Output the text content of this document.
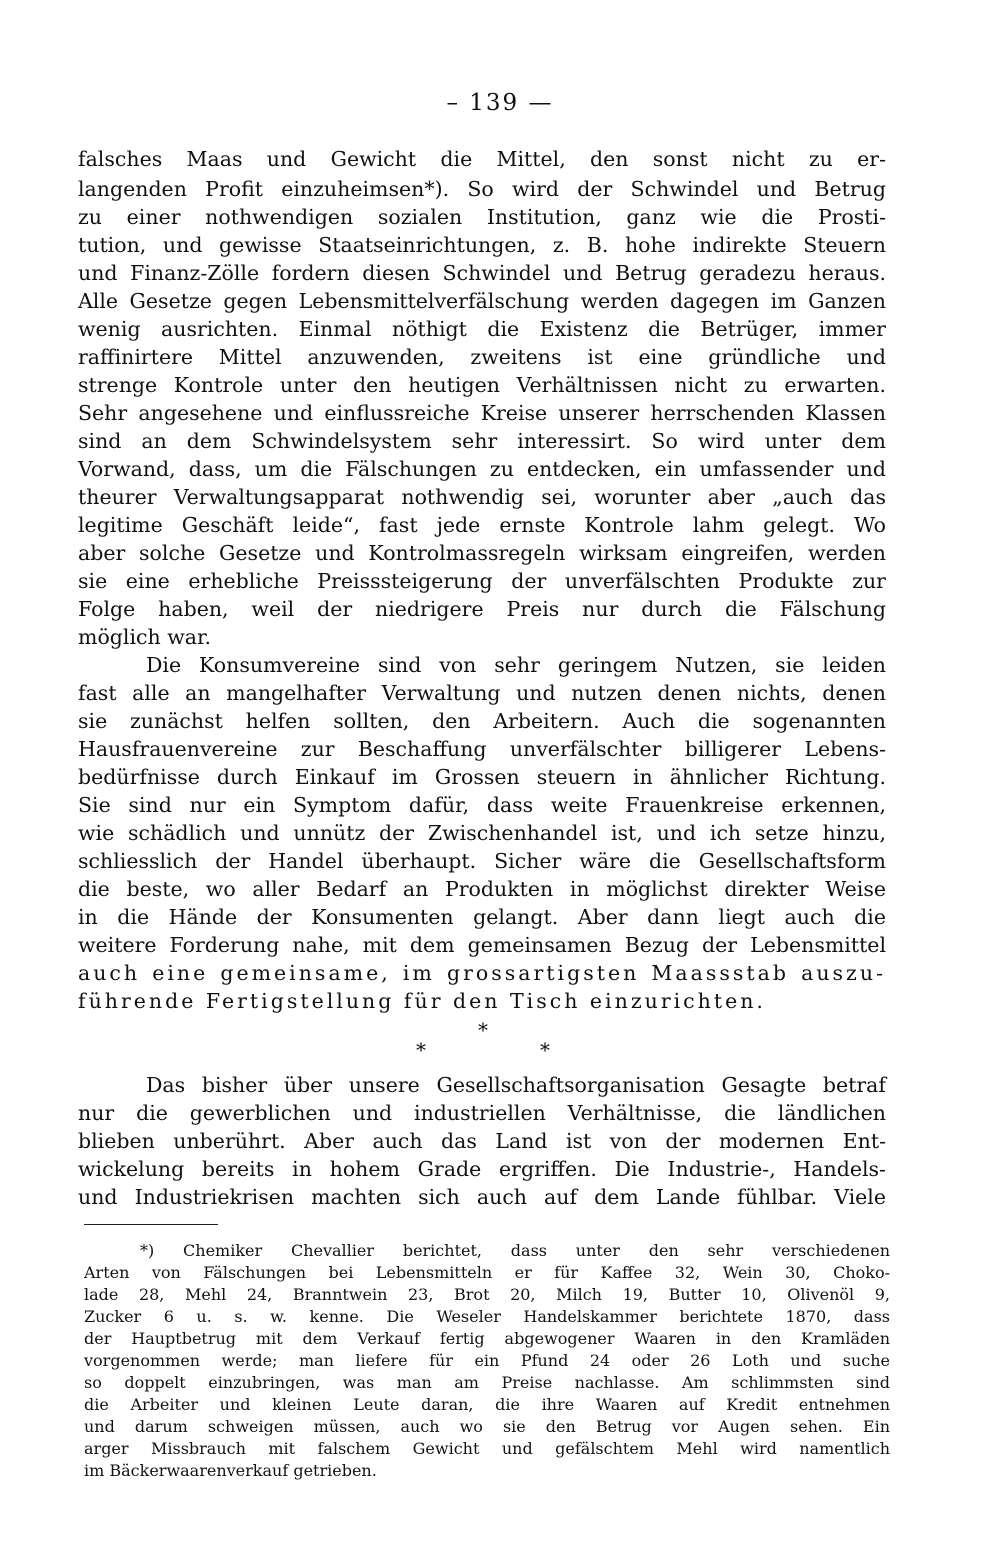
– 139 —
falsches Maas und Gewicht die Mittel, den sonst nicht zu er-
langenden Profit einzuheimsen*). So wird der Schwindel und Betrug
zu einer nothwendigen sozialen Institution, ganz wie die Prosti-
tution, und gewisse Staatseinrichtungen, z. B. hohe indirekte Steuern
und Finanz-Zölle fordern diesen Schwindel und Betrug geradezu heraus.
Alle Gesetze gegen Lebensmittelverfälschung werden dagegen im Ganzen
wenig ausrichten. Einmal nöthigt die Existenz die Betrüger, immer
raffinirtere Mittel anzuwenden, zweitens ist eine gründliche und
strenge Kontrole unter den heutigen Verhältnissen nicht zu erwarten.
Sehr angesehene und einflussreiche Kreise unserer herrschenden Klassen
sind an dem Schwindelsystem sehr interessirt. So wird unter dem
Vorwand, dass, um die Fälschungen zu entdecken, ein umfassender und
theurer Verwaltungsapparat nothwendig sei, worunter aber „auch das
legitime Geschäft leide“, fast jede ernste Kontrole lahm gelegt. Wo
aber solche Gesetze und Kontrolmassregeln wirksam eingreifen, werden
sie eine erhebliche Preisssteigerung der unverfälschten Produkte zur
Folge haben, weil der niedrigere Preis nur durch die Fälschung
möglich war.
Die Konsumvereine sind von sehr geringem Nutzen, sie leiden
fast alle an mangelhafter Verwaltung und nutzen denen nichts, denen
sie zunächst helfen sollten, den Arbeitern. Auch die sogenannten
Hausfrauenvereine zur Beschaffung unverfälschter billigerer Lebens-
bedürfnisse durch Einkauf im Grossen steuern in ähnlicher Richtung.
Sie sind nur ein Symptom dafür, dass weite Frauenkreise erkennen,
wie schädlich und unnütz der Zwischenhandel ist, und ich setze hinzu,
schliesslich der Handel überhaupt. Sicher wäre die Gesellschaftsform
die beste, wo aller Bedarf an Produkten in möglichst direkter Weise
in die Hände der Konsumenten gelangt. Aber dann liegt auch die
weitere Forderung nahe, mit dem gemeinsamen Bezug der Lebensmittel
auch eine gemeinsame, im grossartigsten Maassstab auszu-
führende Fertigstellung für den Tisch einzurichten.
*
*	*
Das bisher über unsere Gesellschaftsorganisation Gesagte betraf
nur die gewerblichen und industriellen Verhältnisse, die ländlichen
blieben unberührt. Aber auch das Land ist von der modernen Ent-
wickelung bereits in hohem Grade ergriffen. Die Industrie-, Handels-
und Industriekrisen machten sich auch auf dem Lande fühlbar. Viele
*) Chemiker Chevallier berichtet, dass unter den sehr verschiedenen
Arten von Fälschungen bei Lebensmitteln er für Kaffee 32, Wein 30, Choko-
lade 28, Mehl 24, Branntwein 23, Brot 20, Milch 19, Butter 10, Olivenöl 9,
Zucker 6 u. s. w. kenne. Die Weseler Handelskammer berichtete 1870, dass
der Hauptbetrug mit dem Verkauf fertig abgewogener Waaren in den Kramläden
vorgenommen werde; man liefere für ein Pfund 24 oder 26 Loth und suche
so doppelt einzubringen, was man am Preise nachlasse. Am schlimmsten sind
die Arbeiter und kleinen Leute daran, die ihre Waaren auf Kredit entnehmen
und darum schweigen müssen, auch wo sie den Betrug vor Augen sehen. Ein
arger Missbrauch mit falschem Gewicht und gefälschtem Mehl wird namentlich
im Bäckerwaarenverkauf getrieben.
